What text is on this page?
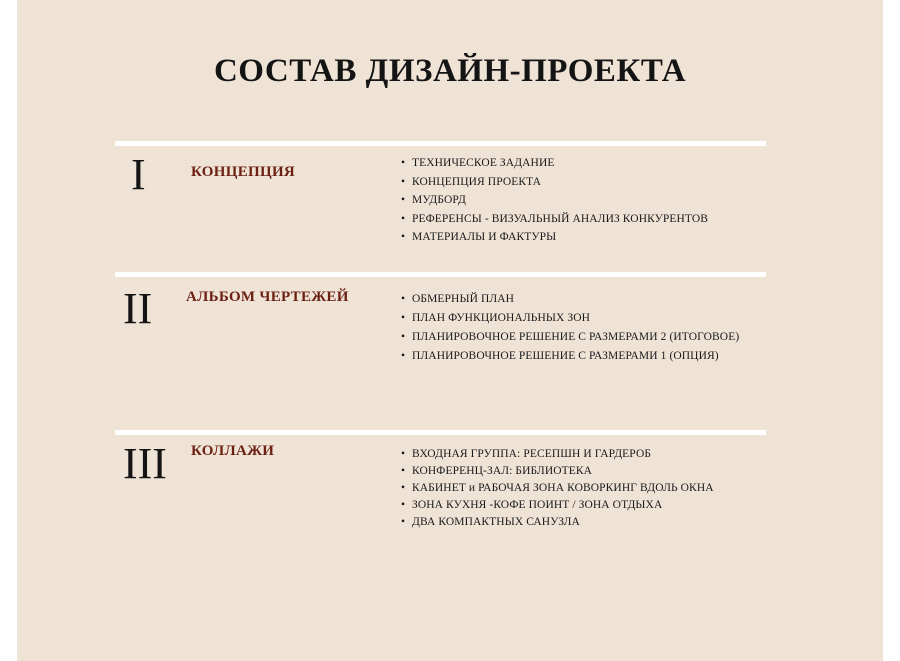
СОСТАВ ДИЗАЙН-ПРОЕКТА
I	КОНЦЕПЦИЯ
• ТЕХНИЧЕСКОЕ ЗАДАНИЕ
• КОНЦЕПЦИЯ ПРОЕКТА
• МУДБОРД
• РЕФЕРЕНСЫ - ВИЗУАЛЬНЫЙ АНАЛИЗ КОНКУРЕНТОВ
• МАТЕРИАЛЫ И ФАКТУРЫ
II АЛЬБОМ ЧЕРТЕЖЕЙ	• ОБМЕРНЫЙ ПЛАН
• ПЛАН ФУНКЦИОНАЛЬНЫХ ЗОН
• ПЛАНИРОВОЧНОЕ РЕШЕНИЕ С РАЗМЕРАМИ 2 (ИТОГОВОЕ)
• ПЛАНИРОВОЧНОЕ РЕШЕНИЕ С РАЗМЕРАМИ 1 (ОПЦИЯ)
III КОЛЛАЖИ	• ВХОДНАЯ ГРУППА: РЕСЕПШН И ГАРДЕРОБ
• КОНФЕРЕНЦ-ЗАЛ: БИБЛИОТЕКА
• КАБИНЕТ и РАБОЧАЯ ЗОНА КОВОРКИНГ ВДОЛЬ ОКНА
• ЗОНА КУХНЯ -КОФЕ ПОИНТ / ЗОНА ОТДЫХА
• ДВА КОМПАКТНЫХ САНУЗЛА
